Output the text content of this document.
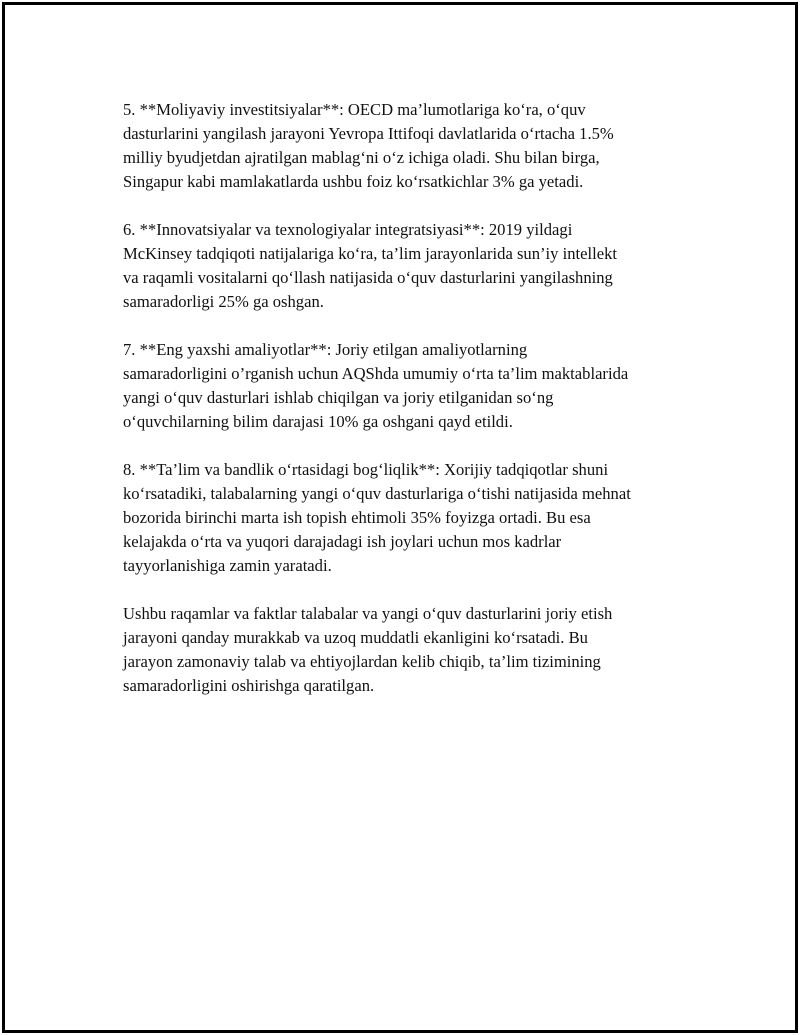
5. **Moliyaviy investitsiyalar**: OECD ma’lumotlariga ko‘ra, o‘quv
dasturlarini yangilash jarayoni Yevropa Ittifoqi davlatlarida o‘rtacha 1.5%
milliy byudjetdan ajratilgan mablag‘ni o‘z ichiga oladi. Shu bilan birga,
Singapur kabi mamlakatlarda ushbu foiz ko‘rsatkichlar 3% ga yetadi.

6. **Innovatsiyalar va texnologiyalar integratsiyasi**: 2019 yildagi
McKinsey tadqiqoti natijalariga ko‘ra, ta’lim jarayonlarida sun’iy intellekt
va raqamli vositalarni qo‘llash natijasida o‘quv dasturlarini yangilashning
samaradorligi 25% ga oshgan.

7. **Eng yaxshi amaliyotlar**: Joriy etilgan amaliyotlarning
samaradorligini o’rganish uchun AQShda umumiy o‘rta ta’lim maktablarida
yangi o‘quv dasturlari ishlab chiqilgan va joriy etilganidan so‘ng
o‘quvchilarning bilim darajasi 10% ga oshgani qayd etildi.

8. **Ta’lim va bandlik o‘rtasidagi bog‘liqlik**: Xorijiy tadqiqotlar shuni
ko‘rsatadiki, talabalarning yangi o‘quv dasturlariga o‘tishi natijasida mehnat
bozorida birinchi marta ish topish ehtimoli 35% foyizga ortadi. Bu esa
kelajakda o‘rta va yuqori darajadagi ish joylari uchun mos kadrlar
tayyorlanishiga zamin yaratadi.

Ushbu raqamlar va faktlar talabalar va yangi o‘quv dasturlarini joriy etish
jarayoni qanday murakkab va uzoq muddatli ekanligini ko‘rsatadi. Bu
jarayon zamonaviy talab va ehtiyojlardan kelib chiqib, ta’lim tizimining
samaradorligini oshirishga qaratilgan.
